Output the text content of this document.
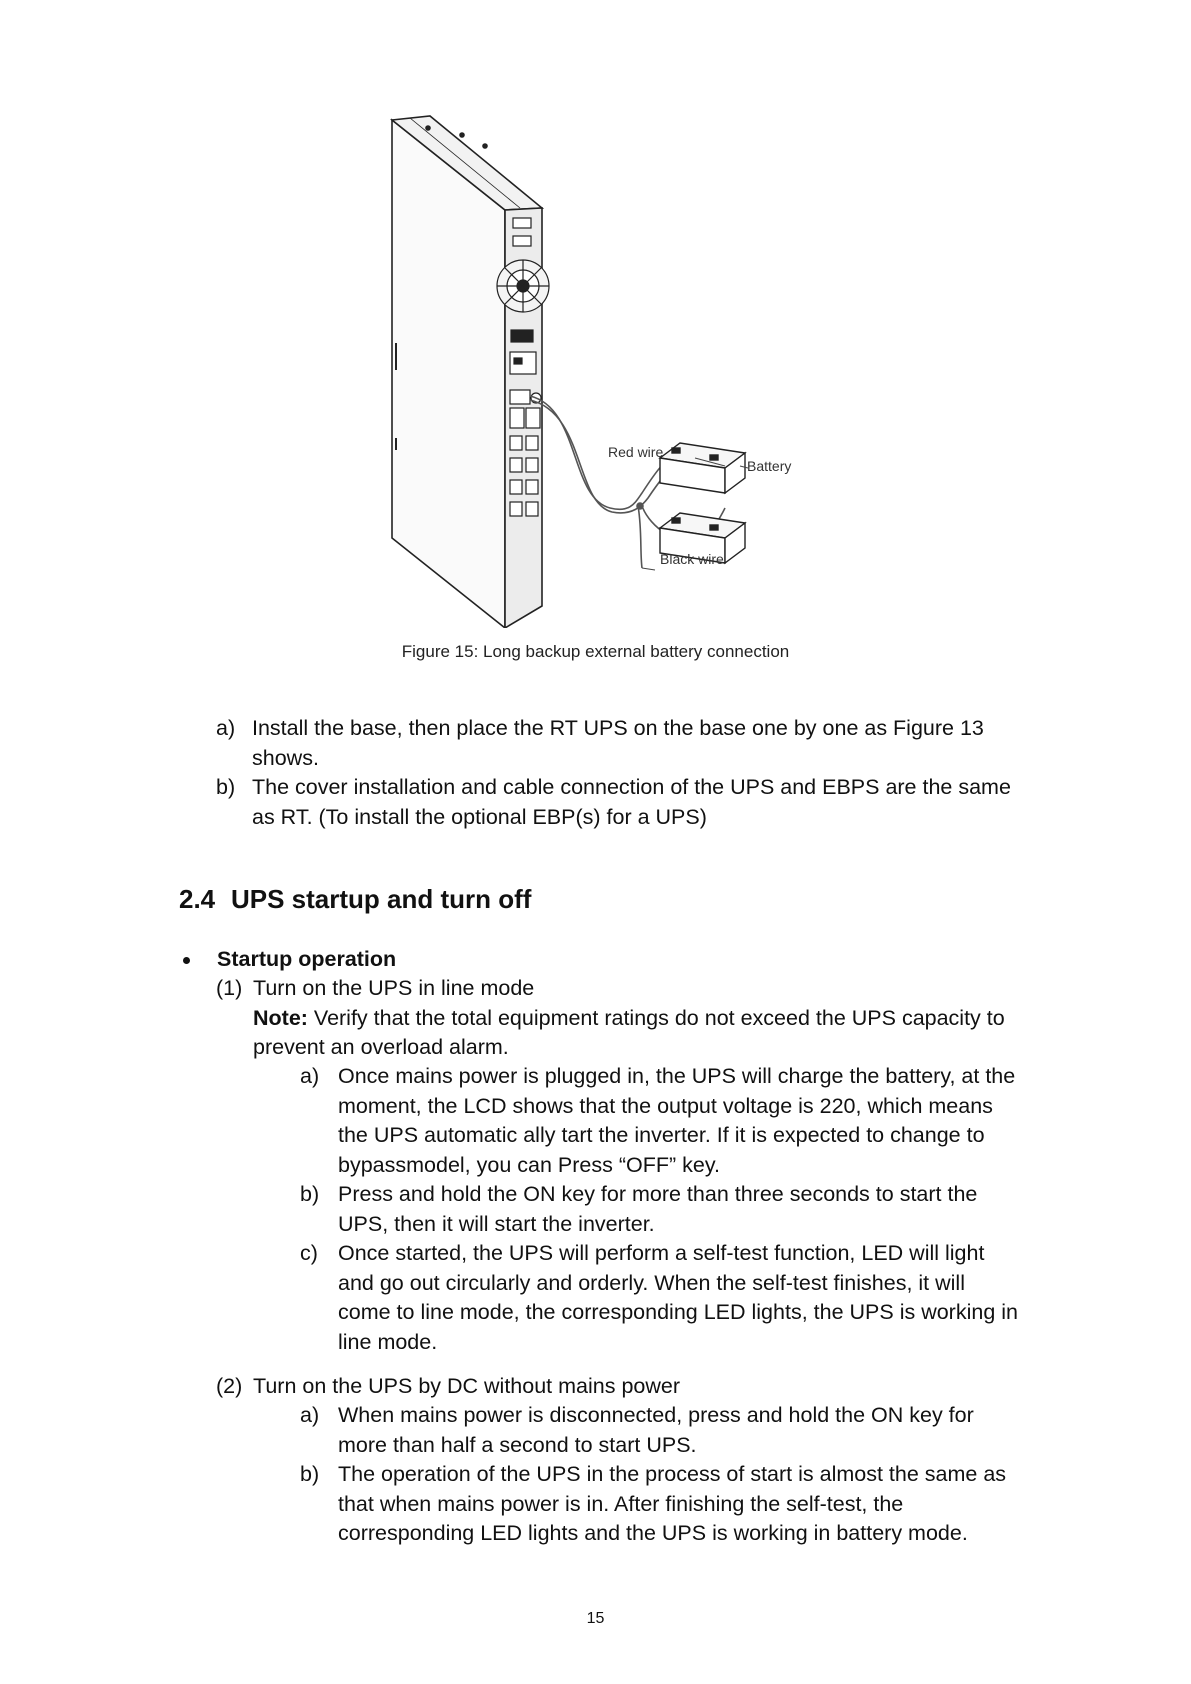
Red wire
Battery
Black wire
Figure 15: Long backup external battery connection

a) Install the base, then place the RT UPS on the base one by one as Figure 13 shows.

b) The cover installation and cable connection of the UPS and EBPS are the same as RT. (To install the optional EBP(s) for a UPS)

2.4 UPS startup and turn off
Startup operation
(1) Turn on the UPS in line mode
Note: Verify that the total equipment ratings do not exceed the UPS capacity to prevent an overload alarm.

a) Once mains power is plugged in, the UPS will charge the battery, at the moment, the LCD shows that the output voltage is 220, which means the UPS automatic ally tart the inverter. If it is expected to change to bypassmodel, you can Press “OFF” key.

b) Press and hold the ON key for more than three seconds to start the UPS, then it will start the inverter.

c) Once started, the UPS will perform a self-test function, LED will light and go out circularly and orderly. When the self-test finishes, it will come to line mode, the corresponding LED lights, the UPS is working in line mode.

(2) Turn on the UPS by DC without mains power

a) When mains power is disconnected, press and hold the ON key for more than half a second to start UPS.

b) The operation of the UPS in the process of start is almost the same as that when mains power is in. After finishing the self-test, the corresponding LED lights and the UPS is working in battery mode.

15
